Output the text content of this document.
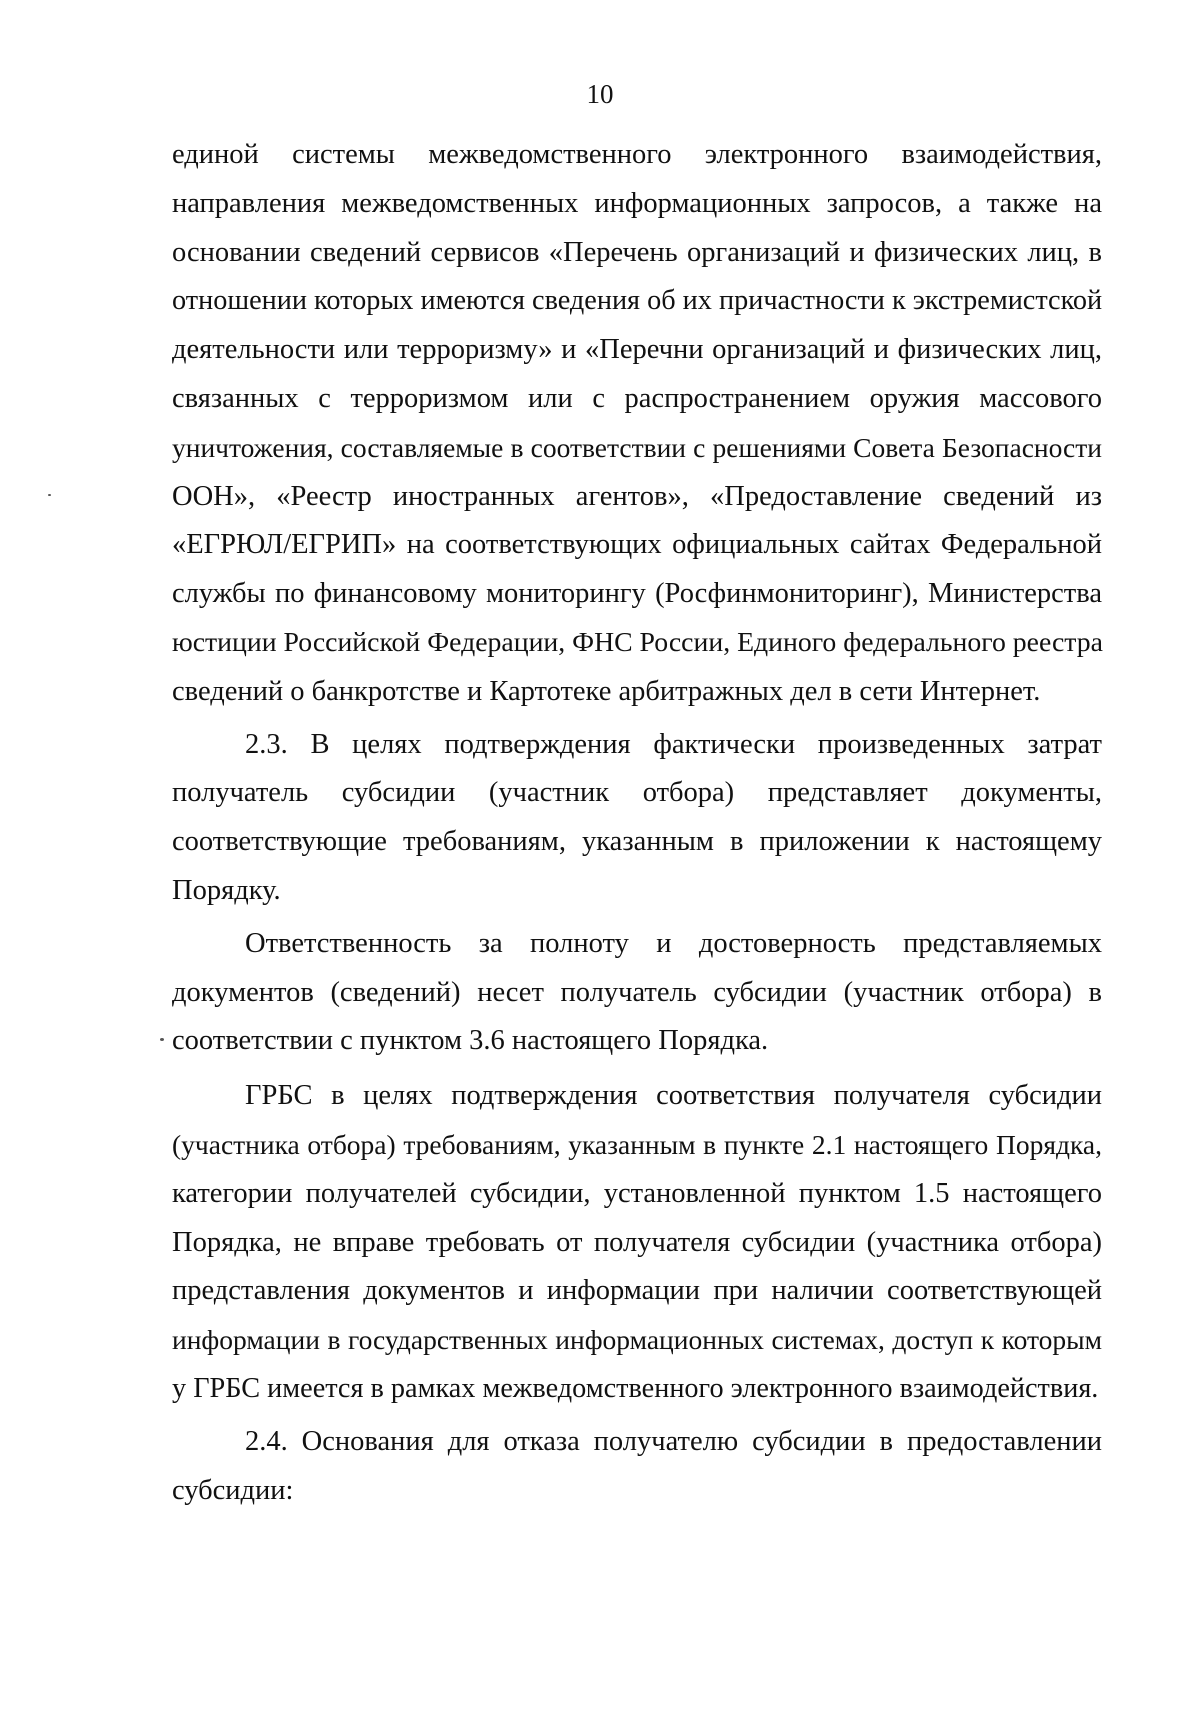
10
единой системы межведомственного электронного взаимодействия,
направления межведомственных информационных запросов, а также на
основании сведений сервисов «Перечень организаций и физических лиц, в
отношении которых имеются сведения об их причастности к экстремистской
деятельности или терроризму» и «Перечни организаций и физических лиц,
связанных с терроризмом или с распространением оружия массового
уничтожения, составляемые в соответствии с решениями Совета Безопасности
ООН», «Реестр иностранных агентов», «Предоставление сведений из
«ЕГРЮЛ/ЕГРИП» на соответствующих официальных сайтах Федеральной
службы по финансовому мониторингу (Росфинмониторинг), Министерства
юстиции Российской Федерации, ФНС России, Единого федерального реестра
сведений о банкротстве и Картотеке арбитражных дел в сети Интернет.
2.3. В целях подтверждения фактически произведенных затрат
получатель субсидии (участник отбора) представляет документы,
соответствующие требованиям, указанным в приложении к настоящему
Порядку.
Ответственность за полноту и достоверность представляемых
документов (сведений) несет получатель субсидии (участник отбора) в
соответствии с пунктом 3.6 настоящего Порядка.
ГРБС в целях подтверждения соответствия получателя субсидии
(участника отбора) требованиям, указанным в пункте 2.1 настоящего Порядка,
категории получателей субсидии, установленной пунктом 1.5 настоящего
Порядка, не вправе требовать от получателя субсидии (участника отбора)
представления документов и информации при наличии соответствующей
информации в государственных информационных системах, доступ к которым
у ГРБС имеется в рамках межведомственного электронного взаимодействия.
2.4. Основания для отказа получателю субсидии в предоставлении
субсидии:
